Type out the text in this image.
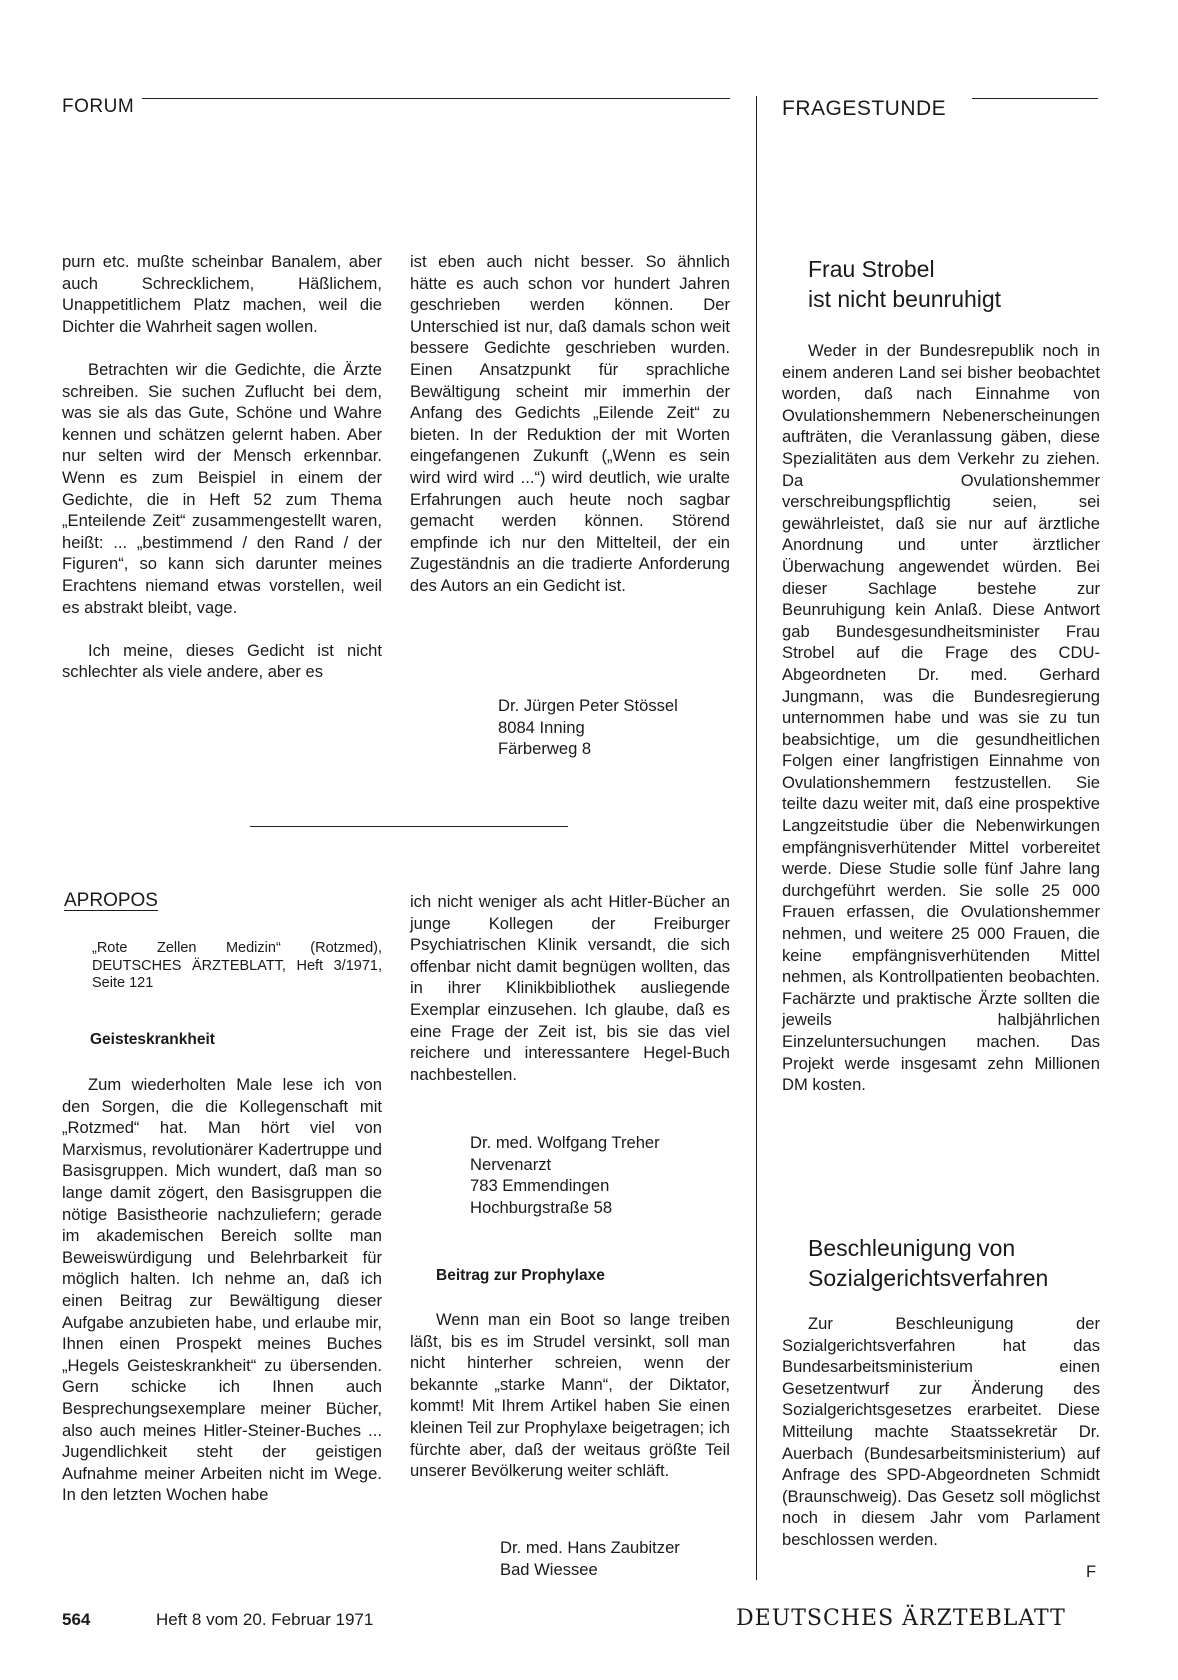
FORUM	FRAGESTUNDE

purn etc. mußte scheinbar Banalem, aber auch Schrecklichem, Häßlichem, Unappetitlichem Platz machen, weil die Dichter die Wahrheit sagen wollen.

Betrachten wir die Gedichte, die Ärzte schreiben. Sie suchen Zuflucht bei dem, was sie als das Gute, Schöne und Wahre kennen und schätzen gelernt haben. Aber nur selten wird der Mensch erkennbar. Wenn es zum Beispiel in einem der Gedichte, die in Heft 52 zum Thema „Enteilende Zeit“ zusammengestellt waren, heißt: ... „bestimmend / den Rand / der Figuren“, so kann sich darunter meines Erachtens niemand etwas vorstellen, weil es abstrakt bleibt, vage.

Ich meine, dieses Gedicht ist nicht schlechter als viele andere, aber es

ist eben auch nicht besser. So ähnlich hätte es auch schon vor hundert Jahren geschrieben werden können. Der Unterschied ist nur, daß damals schon weit bessere Gedichte geschrieben wurden. Einen Ansatzpunkt für sprachliche Bewältigung scheint mir immerhin der Anfang des Gedichts „Eilende Zeit“ zu bieten. In der Reduktion der mit Worten eingefangenen Zukunft („Wenn es sein wird wird wird ...“) wird deutlich, wie uralte Erfahrungen auch heute noch sagbar gemacht werden können. Störend empfinde ich nur den Mittelteil, der ein Zugeständnis an die tradierte Anforderung des Autors an ein Gedicht ist.

Dr. Jürgen Peter Stössel
8084 Inning
Färberweg 8
APROPOS
„Rote Zellen Medizin“ (Rotzmed), DEUTSCHES ÄRZTEBLATT, Heft 3/1971, Seite 121
Geisteskrankheit
Zum wiederholten Male lese ich von den Sorgen, die die Kollegenschaft mit „Rotzmed“ hat. Man hört viel von Marxismus, revolutionärer Kadertruppe und Basisgruppen. Mich wundert, daß man so lange damit zögert, den Basisgruppen die nötige Basistheorie nachzuliefern; gerade im akademischen Bereich sollte man Beweiswürdigung und Belehrbarkeit für möglich halten. Ich nehme an, daß ich einen Beitrag zur Bewältigung dieser Aufgabe anzubieten habe, und erlaube mir, Ihnen einen Prospekt meines Buches „Hegels Geisteskrankheit“ zu übersenden. Gern schicke ich Ihnen auch Besprechungsexemplare meiner Bücher, also auch meines Hitler-Steiner-Buches ... Jugendlichkeit steht der geistigen Aufnahme meiner Arbeiten nicht im Wege. In den letzten Wochen habe
ich nicht weniger als acht Hitler-Bücher an junge Kollegen der Freiburger Psychiatrischen Klinik versandt, die sich offenbar nicht damit begnügen wollten, das in ihrer Klinikbibliothek ausliegende Exemplar einzusehen. Ich glaube, daß es eine Frage der Zeit ist, bis sie das viel reichere und interessantere Hegel-Buch nachbestellen.
Dr. med. Wolfgang Treher
Nervenarzt
783 Emmendingen
Hochburgstraße 58
Beitrag zur Prophylaxe
Wenn man ein Boot so lange treiben läßt, bis es im Strudel versinkt, soll man nicht hinterher schreien, wenn der bekannte „starke Mann“, der Diktator, kommt! Mit Ihrem Artikel haben Sie einen kleinen Teil zur Prophylaxe beigetragen; ich fürchte aber, daß der weitaus größte Teil unserer Bevölkerung weiter schläft.
Dr. med. Hans Zaubitzer
Bad Wiessee
Frau Strobel
ist nicht beunruhigt
Weder in der Bundesrepublik noch in einem anderen Land sei bisher beobachtet worden, daß nach Einnahme von Ovulationshemmern Nebenerscheinungen aufträten, die Veranlassung gäben, diese Spezialitäten aus dem Verkehr zu ziehen. Da Ovulationshemmer verschreibungspflichtig seien, sei gewährleistet, daß sie nur auf ärztliche Anordnung und unter ärztlicher Überwachung angewendet würden. Bei dieser Sachlage bestehe zur Beunruhigung kein Anlaß. Diese Antwort gab Bundesgesundheitsminister Frau Strobel auf die Frage des CDU-Abgeordneten Dr. med. Gerhard Jungmann, was die Bundesregierung unternommen habe und was sie zu tun beabsichtige, um die gesundheitlichen Folgen einer langfristigen Einnahme von Ovulationshemmern festzustellen. Sie teilte dazu weiter mit, daß eine prospektive Langzeitstudie über die Nebenwirkungen empfängnisverhütender Mittel vorbereitet werde. Diese Studie solle fünf Jahre lang durchgeführt werden. Sie solle 25 000 Frauen erfassen, die Ovulationshemmer nehmen, und weitere 25 000 Frauen, die keine empfängnisverhütenden Mittel nehmen, als Kontrollpatienten beobachten. Fachärzte und praktische Ärzte sollten die jeweils halbjährlichen Einzeluntersuchungen machen. Das Projekt werde insgesamt zehn Millionen DM kosten.
Beschleunigung von
Sozialgerichtsverfahren
Zur Beschleunigung der Sozialgerichtsverfahren hat das Bundesarbeitsministerium einen Gesetzentwurf zur Änderung des Sozialgerichtsgesetzes erarbeitet. Diese Mitteilung machte Staatssekretär Dr. Auerbach (Bundesarbeitsministerium) auf Anfrage des SPD-Abgeordneten Schmidt (Braunschweig). Das Gesetz soll möglichst noch in diesem Jahr vom Parlament beschlossen werden.
F
564	Heft 8 vom 20. Februar 1971	DEUTSCHES ÄRZTEBLATT
